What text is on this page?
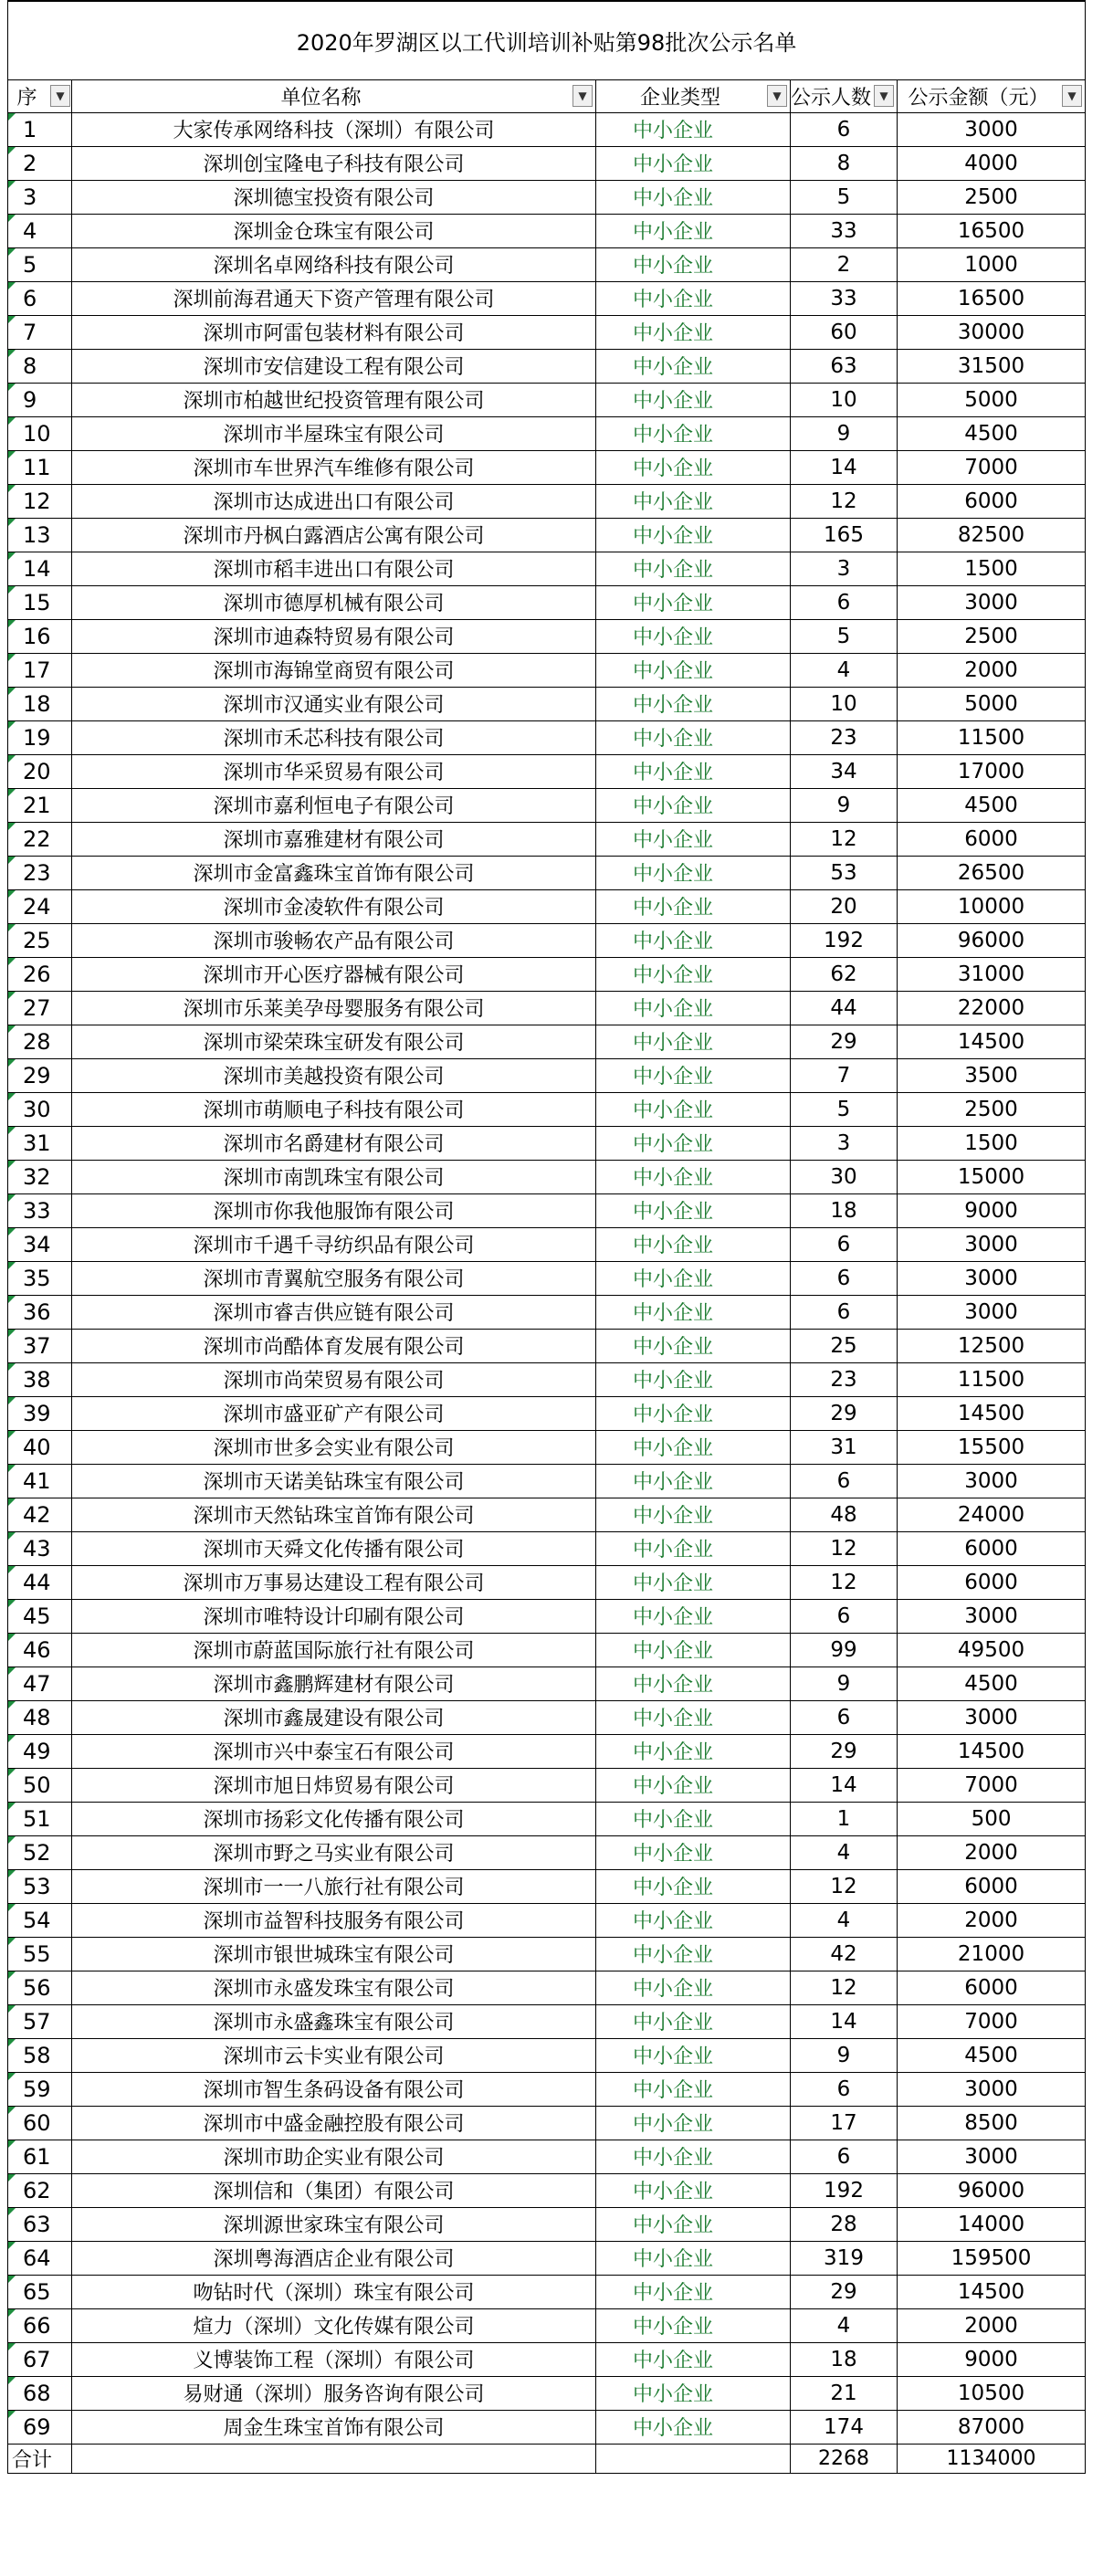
2020年罗湖区以工代训培训补贴第98批次公示名单				

序 ▼	单位名称 ▼	企业类型 ▼	公示人数 ▼	公示金额（元） ▼

1	大家传承网络科技（深圳）有限公司	中小企业	6	3000

2	深圳创宝隆电子科技有限公司	中小企业	8	4000

3	深圳德宝投资有限公司	中小企业	5	2500

4	深圳金仓珠宝有限公司	中小企业	33	16500

5	深圳名卓网络科技有限公司	中小企业	2	1000

6	深圳前海君通天下资产管理有限公司	中小企业	33	16500

7	深圳市阿雷包装材料有限公司	中小企业	60	30000

8	深圳市安信建设工程有限公司	中小企业	63	31500

9	深圳市柏越世纪投资管理有限公司	中小企业	10	5000

10	深圳市半屋珠宝有限公司	中小企业	9	4500

11	深圳市车世界汽车维修有限公司	中小企业	14	7000

12	深圳市达成进出口有限公司	中小企业	12	6000

13	深圳市丹枫白露酒店公寓有限公司	中小企业	165	82500

14	深圳市稻丰进出口有限公司	中小企业	3	1500

15	深圳市德厚机械有限公司	中小企业	6	3000

16	深圳市迪森特贸易有限公司	中小企业	5	2500

17	深圳市海锦堂商贸有限公司	中小企业	4	2000

18	深圳市汉通实业有限公司	中小企业	10	5000

19	深圳市禾芯科技有限公司	中小企业	23	11500

20	深圳市华采贸易有限公司	中小企业	34	17000

21	深圳市嘉利恒电子有限公司	中小企业	9	4500

22	深圳市嘉雅建材有限公司	中小企业	12	6000

23	深圳市金富鑫珠宝首饰有限公司	中小企业	53	26500

24	深圳市金凌软件有限公司	中小企业	20	10000

25	深圳市骏畅农产品有限公司	中小企业	192	96000

26	深圳市开心医疗器械有限公司	中小企业	62	31000

27	深圳市乐莱美孕母婴服务有限公司	中小企业	44	22000

28	深圳市梁荣珠宝研发有限公司	中小企业	29	14500

29	深圳市美越投资有限公司	中小企业	7	3500

30	深圳市萌顺电子科技有限公司	中小企业	5	2500

31	深圳市名爵建材有限公司	中小企业	3	1500

32	深圳市南凯珠宝有限公司	中小企业	30	15000

33	深圳市你我他服饰有限公司	中小企业	18	9000

34	深圳市千遇千寻纺织品有限公司	中小企业	6	3000

35	深圳市青翼航空服务有限公司	中小企业	6	3000

36	深圳市睿吉供应链有限公司	中小企业	6	3000

37	深圳市尚酷体育发展有限公司	中小企业	25	12500

38	深圳市尚荣贸易有限公司	中小企业	23	11500

39	深圳市盛亚矿产有限公司	中小企业	29	14500

40	深圳市世多会实业有限公司	中小企业	31	15500

41	深圳市天诺美钻珠宝有限公司	中小企业	6	3000

42	深圳市天然钻珠宝首饰有限公司	中小企业	48	24000

43	深圳市天舜文化传播有限公司	中小企业	12	6000

44	深圳市万事易达建设工程有限公司	中小企业	12	6000

45	深圳市唯特设计印刷有限公司	中小企业	6	3000

46	深圳市蔚蓝国际旅行社有限公司	中小企业	99	49500

47	深圳市鑫鹏辉建材有限公司	中小企业	9	4500

48	深圳市鑫晟建设有限公司	中小企业	6	3000

49	深圳市兴中泰宝石有限公司	中小企业	29	14500

50	深圳市旭日炜贸易有限公司	中小企业	14	7000

51	深圳市扬彩文化传播有限公司	中小企业	1	500

52	深圳市野之马实业有限公司	中小企业	4	2000

53	深圳市一一八旅行社有限公司	中小企业	12	6000

54	深圳市益智科技服务有限公司	中小企业	4	2000

55	深圳市银世城珠宝有限公司	中小企业	42	21000

56	深圳市永盛发珠宝有限公司	中小企业	12	6000

57	深圳市永盛鑫珠宝有限公司	中小企业	14	7000

58	深圳市云卡实业有限公司	中小企业	9	4500

59	深圳市智生条码设备有限公司	中小企业	6	3000

60	深圳市中盛金融控股有限公司	中小企业	17	8500

61	深圳市助企实业有限公司	中小企业	6	3000

62	深圳信和（集团）有限公司	中小企业	192	96000

63	深圳源世家珠宝有限公司	中小企业	28	14000

64	深圳粤海酒店企业有限公司	中小企业	319	159500

65	吻钻时代（深圳）珠宝有限公司	中小企业	29	14500

66	煊力（深圳）文化传媒有限公司	中小企业	4	2000

67	义博装饰工程（深圳）有限公司	中小企业	18	9000

68	易财通（深圳）服务咨询有限公司	中小企业	21	10500

69	周金生珠宝首饰有限公司	中小企业	174	87000
合计			2268	1134000
